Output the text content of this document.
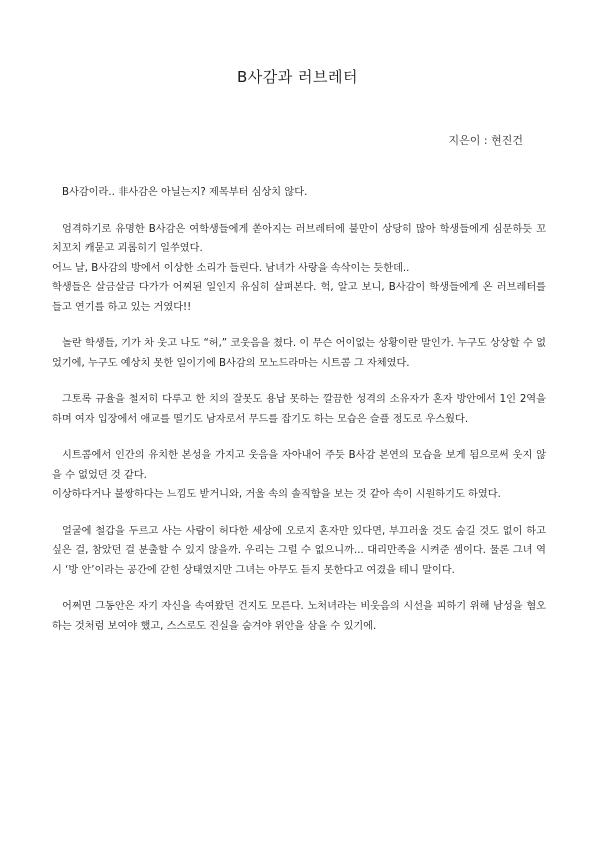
B사감과 러브레터
지은이 : 현진건

B사감이라.. 非사감은 아닐는지? 제목부터 심상치 않다.

엄격하기로 유명한 B사감은 여학생들에게 쏟아지는 러브레터에 불만이 상당히 많아 학생들에게 심문하듯 꼬치꼬치 캐묻고 괴롭히기 일쑤였다.
어느 날, B사감의 방에서 이상한 소리가 들린다. 남녀가 사랑을 속삭이는 듯한데..
학생들은 살금살금 다가가 어찌된 일인지 유심히 살펴본다. 헉, 알고 보니, B사감이 학생들에게 온 러브레터를 들고 연기를 하고 있는 거였다!!

놀란 학생들, 기가 차 웃고 나도 “허,” 코웃음을 쳤다. 이 무슨 어이없는 상황이란 말인가. 누구도 상상할 수 없었기에, 누구도 예상치 못한 일이기에 B사감의 모노드라마는 시트콤 그 자체였다.

그토록 규율을 철저히 다루고 한 치의 잘못도 용납 못하는 깔끔한 성격의 소유자가 혼자 방안에서 1인 2역을 하며 여자 입장에서 애교를 떨기도 남자로서 무드를 잡기도 하는 모습은 슬플 정도로 우스웠다.

시트콤에서 인간의 유치한 본성을 가지고 웃음을 자아내어 주듯 B사감 본연의 모습을 보게 됨으로써 웃지 않을 수 없었던 것 같다.
이상하다거나 불쌍하다는 느낌도 받거니와, 거울 속의 솔직함을 보는 것 같아 속이 시원하기도 하였다.

얼굴에 철갑을 두르고 사는 사람이 허다한 세상에 오로지 혼자만 있다면, 부끄러울 것도 숨길 것도 없이 하고 싶은 걸, 참았던 걸 분출할 수 있지 않을까. 우리는 그럴 수 없으니까... 대리만족을 시켜준 셈이다. 물론 그녀 역시 ‘방 안’이라는 공간에 갇힌 상태였지만 그녀는 아무도 듣지 못한다고 여겼을 테니 말이다.

어쩌면 그동안은 자기 자신을 속여왔던 건지도 모른다. 노처녀라는 비웃음의 시선을 피하기 위해 남성을 혐오하는 것처럼 보여야 했고, 스스로도 진실을 숨겨야 위안을 삼을 수 있기에.
